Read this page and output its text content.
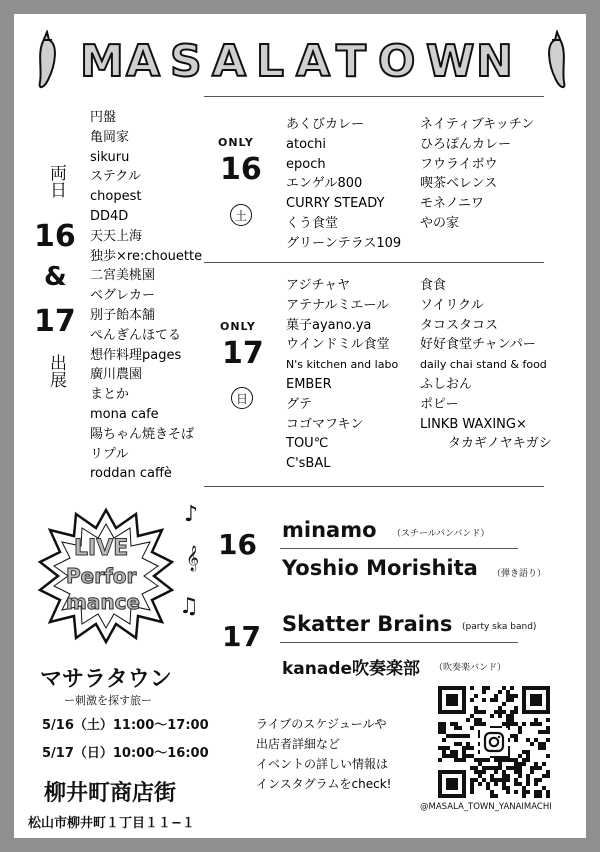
M A S A L A T O W N
両日
16
&
17
出展
円盤
亀岡家
sikuru
ステクル
chopest
DD4D
天天上海
独歩×re:chouette
二宮美桃園
ベグレカー
別子飴本舗
ぺんぎんほてる
想作料理pages
廣川農園
まとか
mona cafe
陽ちゃん焼きそば
リプル
roddan caffè
ONLY
16
土
あくびカレー
atochi
epoch
エンゲル800
CURRY STEADY
くう食堂
グリーンテラス109
ネイティブキッチン
ひろぽんカレー
フウライボウ
喫茶ベレンス
モネノニワ
やの家
ONLY
17
日
アジチャヤ
アテナルミエール
菓子ayano.ya
ウインドミル食堂
N's kitchen and labo
EMBER
グテ
コゴマフキン
TOU℃
C'sBAL
食食
ソイリクル
タコスタコス
好好食堂チャンパー
daily chai stand & food
ふしおん
ポピー
LINKB WAXING×
タカギノヤキガシ
LIVE
Perfor
mance
♪
𝄞
♫
16
17
minamo （スチールパンバンド）
Yoshio Morishita （弾き語り）
Skatter Brains (party ska band)
kanade吹奏楽部 （吹奏楽バンド）
マサラタウン
ー刺激を探す旅ー
5/16（土）11:00〜17:00
5/17（日）10:00〜16:00
柳井町商店街
松山市柳井町１丁目１１−１
ライブのスケジュールや
出店者詳細など
イベントの詳しい情報は
インスタグラムをcheck!
@MASALA_TOWN_YANAIMACHI
